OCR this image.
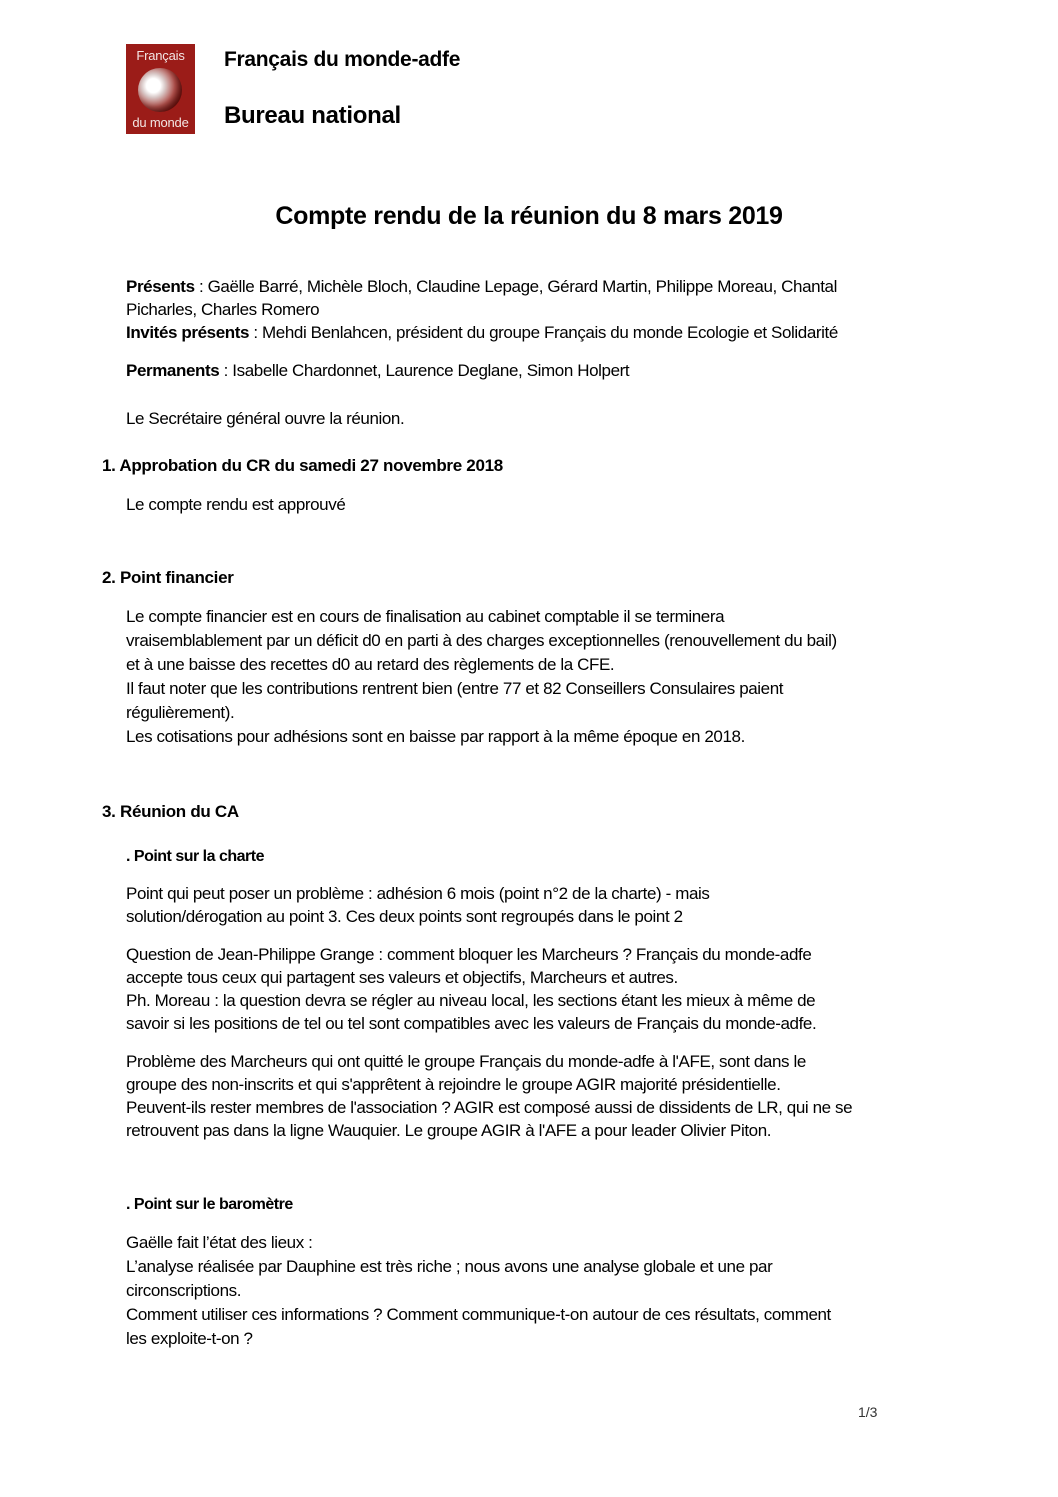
Français
du monde
Français du monde-adfe
Bureau national
Compte rendu de la réunion du 8 mars 2019
Présents : Gaëlle Barré, Michèle Bloch, Claudine Lepage, Gérard Martin, Philippe Moreau, Chantal
Picharles, Charles Romero
Invités présents : Mehdi Benlahcen, président du groupe Français du monde Ecologie et Solidarité
Permanents : Isabelle Chardonnet, Laurence Deglane, Simon Holpert
Le Secrétaire général ouvre la réunion.
1. Approbation du CR du samedi 27 novembre 2018
Le compte rendu est approuvé
2. Point financier
Le compte financier est en cours de finalisation au cabinet comptable il se terminera
vraisemblablement par un déficit d0 en parti à des charges exceptionnelles (renouvellement du bail)
et à une baisse des recettes d0 au retard des règlements de la CFE.
Il faut noter que les contributions rentrent bien (entre 77 et 82 Conseillers Consulaires paient
régulièrement).
Les cotisations pour adhésions sont en baisse par rapport à la même époque en 2018.
3. Réunion du CA
. Point sur la charte
Point qui peut poser un problème : adhésion 6 mois (point n°2 de la charte) - mais
solution/dérogation au point 3. Ces deux points sont regroupés dans le point 2
Question de Jean-Philippe Grange : comment bloquer les Marcheurs ? Français du monde-adfe
accepte tous ceux qui partagent ses valeurs et objectifs, Marcheurs et autres.
Ph. Moreau : la question devra se régler au niveau local, les sections étant les mieux à même de
savoir si les positions de tel ou tel sont compatibles avec les valeurs de Français du monde-adfe.
Problème des Marcheurs qui ont quitté le groupe Français du monde-adfe à l'AFE, sont dans le
groupe des non-inscrits et qui s'apprêtent à rejoindre le groupe AGIR majorité présidentielle.
Peuvent-ils rester membres de l'association ? AGIR est composé aussi de dissidents de LR, qui ne se
retrouvent pas dans la ligne Wauquier. Le groupe AGIR à l'AFE a pour leader Olivier Piton.
. Point sur le baromètre
Gaëlle fait l’état des lieux :
L’analyse réalisée par Dauphine est très riche ; nous avons une analyse globale et une par
circonscriptions.
Comment utiliser ces informations ? Comment communique-t-on autour de ces résultats, comment
les exploite-t-on ?
1/3
